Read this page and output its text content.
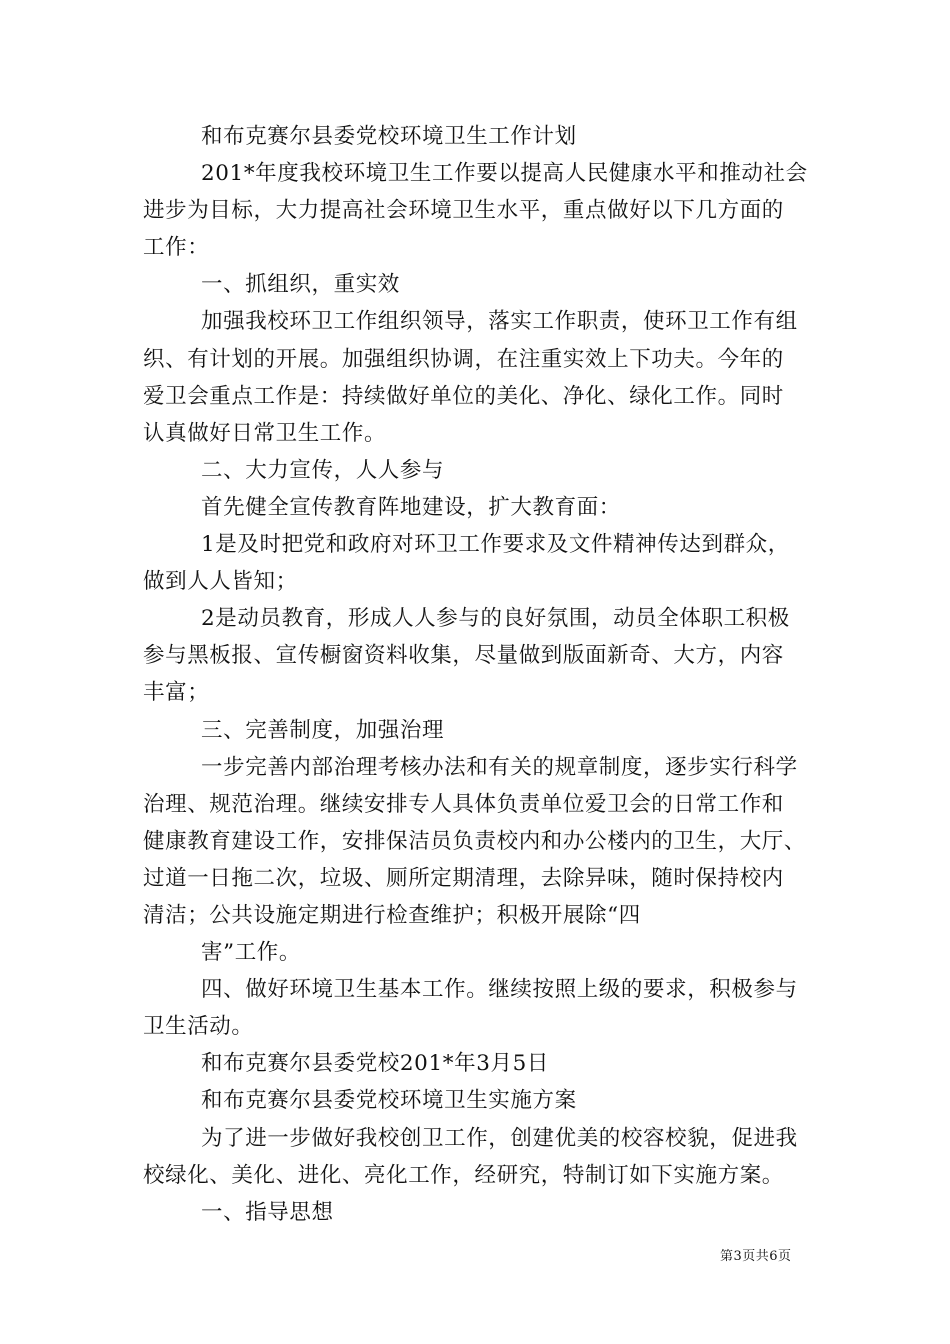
和布克赛尔县委党校环境卫生工作计划
201*年度我校环境卫生工作要以提高人民健康水平和推动社会
进步为目标，大力提高社会环境卫生水平，重点做好以下几方面的
工作：
一、抓组织，重实效
加强我校环卫工作组织领导，落实工作职责，使环卫工作有组
织、有计划的开展。加强组织协调，在注重实效上下功夫。今年的
爱卫会重点工作是：持续做好单位的美化、净化、绿化工作。同时
认真做好日常卫生工作。
二、大力宣传，人人参与
首先健全宣传教育阵地建设，扩大教育面：
1是及时把党和政府对环卫工作要求及文件精神传达到群众，
做到人人皆知；
2是动员教育，形成人人参与的良好氛围，动员全体职工积极
参与黑板报、宣传橱窗资料收集，尽量做到版面新奇、大方，内容
丰富；
三、完善制度，加强治理
一步完善内部治理考核办法和有关的规章制度，逐步实行科学
治理、规范治理。继续安排专人具体负责单位爱卫会的日常工作和
健康教育建设工作，安排保洁员负责校内和办公楼内的卫生，大厅、
过道一日拖二次，垃圾、厕所定期清理，去除异味，随时保持校内
清洁；公共设施定期进行检查维护；积极开展除“四
害”工作。
四、做好环境卫生基本工作。继续按照上级的要求，积极参与
卫生活动。
和布克赛尔县委党校201*年3月5日
和布克赛尔县委党校环境卫生实施方案
为了进一步做好我校创卫工作，创建优美的校容校貌，促进我
校绿化、美化、进化、亮化工作，经研究，特制订如下实施方案。
一、指导思想
第3页共6页
